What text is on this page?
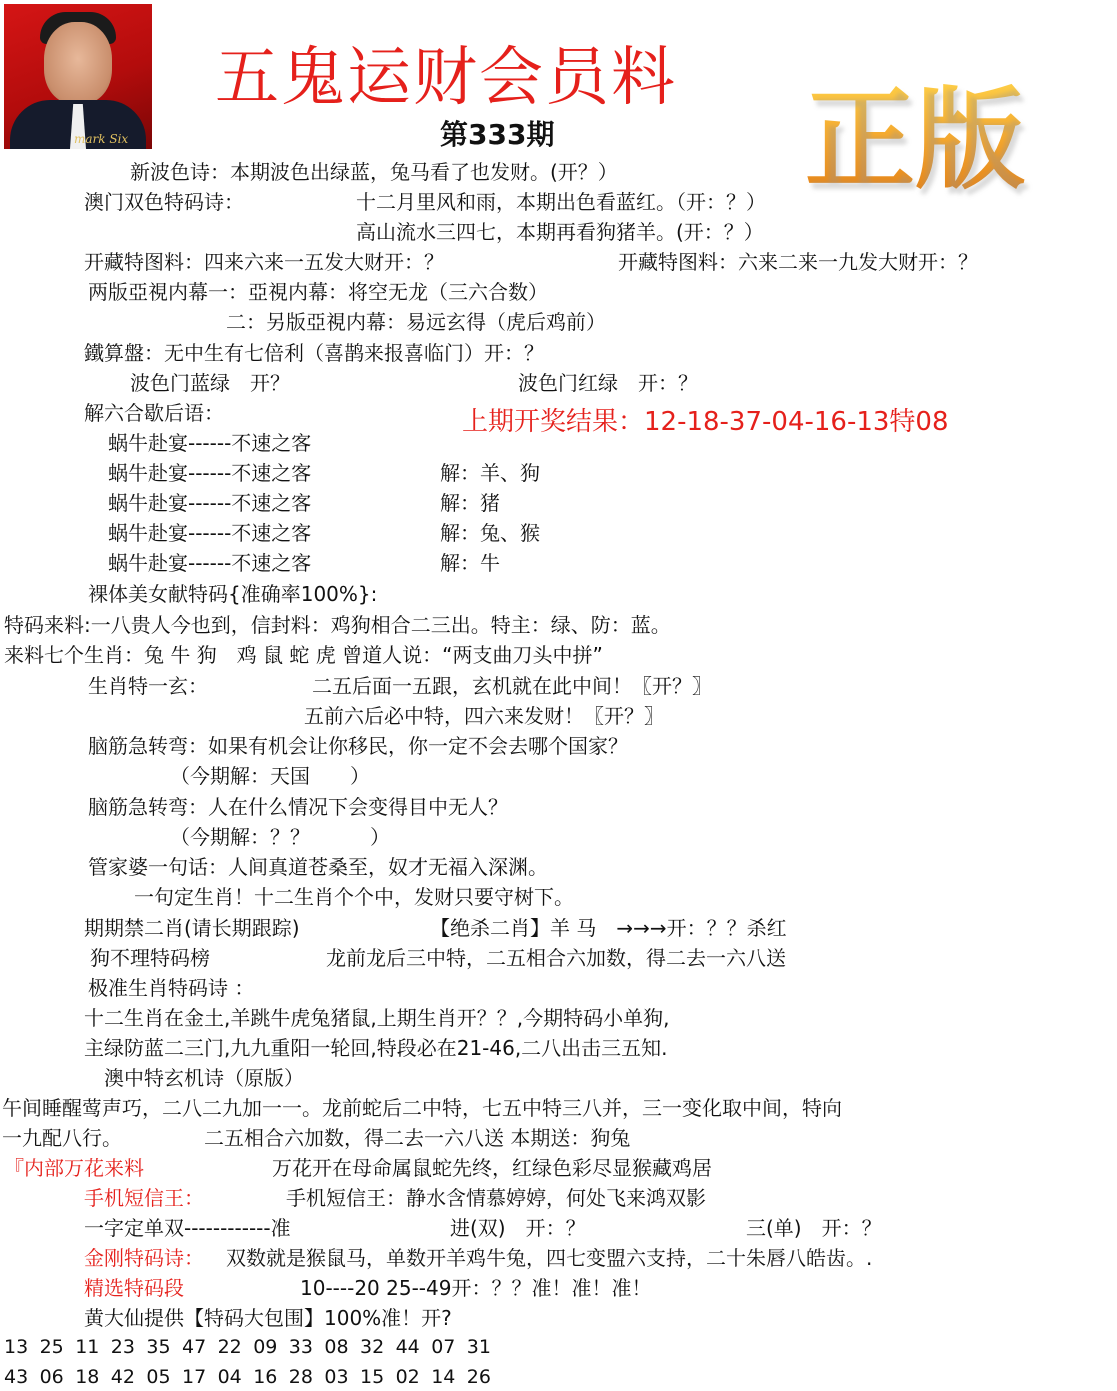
mark Six
五鬼运财会员料
第333期 正版
上期开奖结果：12-18-37-04-16-13特08
新波色诗：本期波色出绿蓝，兔马看了也发财。(开？）
澳门双色特码诗：	十二月里风和雨，本期出色看蓝红。（开：？）
高山流水三四七，本期再看狗猪羊。(开：？）
开藏特图料：四来六来一五发大财开：？	开藏特图料：六来二来一九发大财开：？
两版亞視内幕一：亞視内幕：将空无龙（三六合数）
二：另版亞視内幕：易远玄得（虎后鸡前）
鐵算盤：无中生有七倍利（喜鹊来报喜临门）开：？
波色门蓝绿　开？	波色门红绿　开：？
解六合歇后语：
蜗牛赴宴------不速之客
蜗牛赴宴------不速之客	解：羊、狗
蜗牛赴宴------不速之客	解：猪
蜗牛赴宴------不速之客	解：兔、猴
蜗牛赴宴------不速之客	解：牛
裸体美女献特码{准确率100%}:
特码来料:一八贵人今也到，信封料：鸡狗相合二三出。特主：绿、防：蓝。
来料七个生肖：兔 牛 狗　鸡 鼠 蛇 虎 曾道人说：“两支曲刀头中拼”
生肖特一玄：	二五后面一五跟，玄机就在此中间！〖开？〗
五前六后必中特，四六来发财！〖开？〗
脑筋急转弯：如果有机会让你移民，你一定不会去哪个国家？
（今期解：天国　　）
脑筋急转弯：人在什么情况下会变得目中无人？
（今期解：？？　　　）
管家婆一句话：人间真道苍桑至，奴才无福入深渊。
一句定生肖！十二生肖个个中，发财只要守树下。
期期禁二肖(请长期跟踪)	【绝杀二肖】羊 马　→→→开：？？杀红
狗不理特码榜	龙前龙后三中特，二五相合六加数，得二去一六八送
极准生肖特码诗 ：
十二生肖在金土,羊跳牛虎兔猪鼠,上期生肖开？？,今期特码小单狗,
主绿防蓝二三门,九九重阳一轮回,特段必在21-46,二八出击三五知.
澳中特玄机诗（原版）
午间睡醒莺声巧，二八二九加一一。龙前蛇后二中特，七五中特三八并，三一变化取中间，特向
一九配八行。	二五相合六加数，得二去一六八送 本期送：狗兔
『内部万花来料	万花开在母命属鼠蛇先终，红绿色彩尽显猴藏鸡居
手机短信王：	手机短信王：静水含情慕婷婷，何处飞来鸿双影
一字定单双------------准	进(双)　开：？	三(单)　开：？
金刚特码诗： 双数就是猴鼠马，单数开羊鸡牛兔，四七变盟六支持，二十朱唇八皓齿。.
精选特码段	10----20 25--49开：？？准！准！准！
黄大仙提供【特码大包围】100%准！开?
13 25 11 23 35 47 22 09 33 08 32 44 07 31
43 06 18 42 05 17 04 16 28 03 15 02 14 26
